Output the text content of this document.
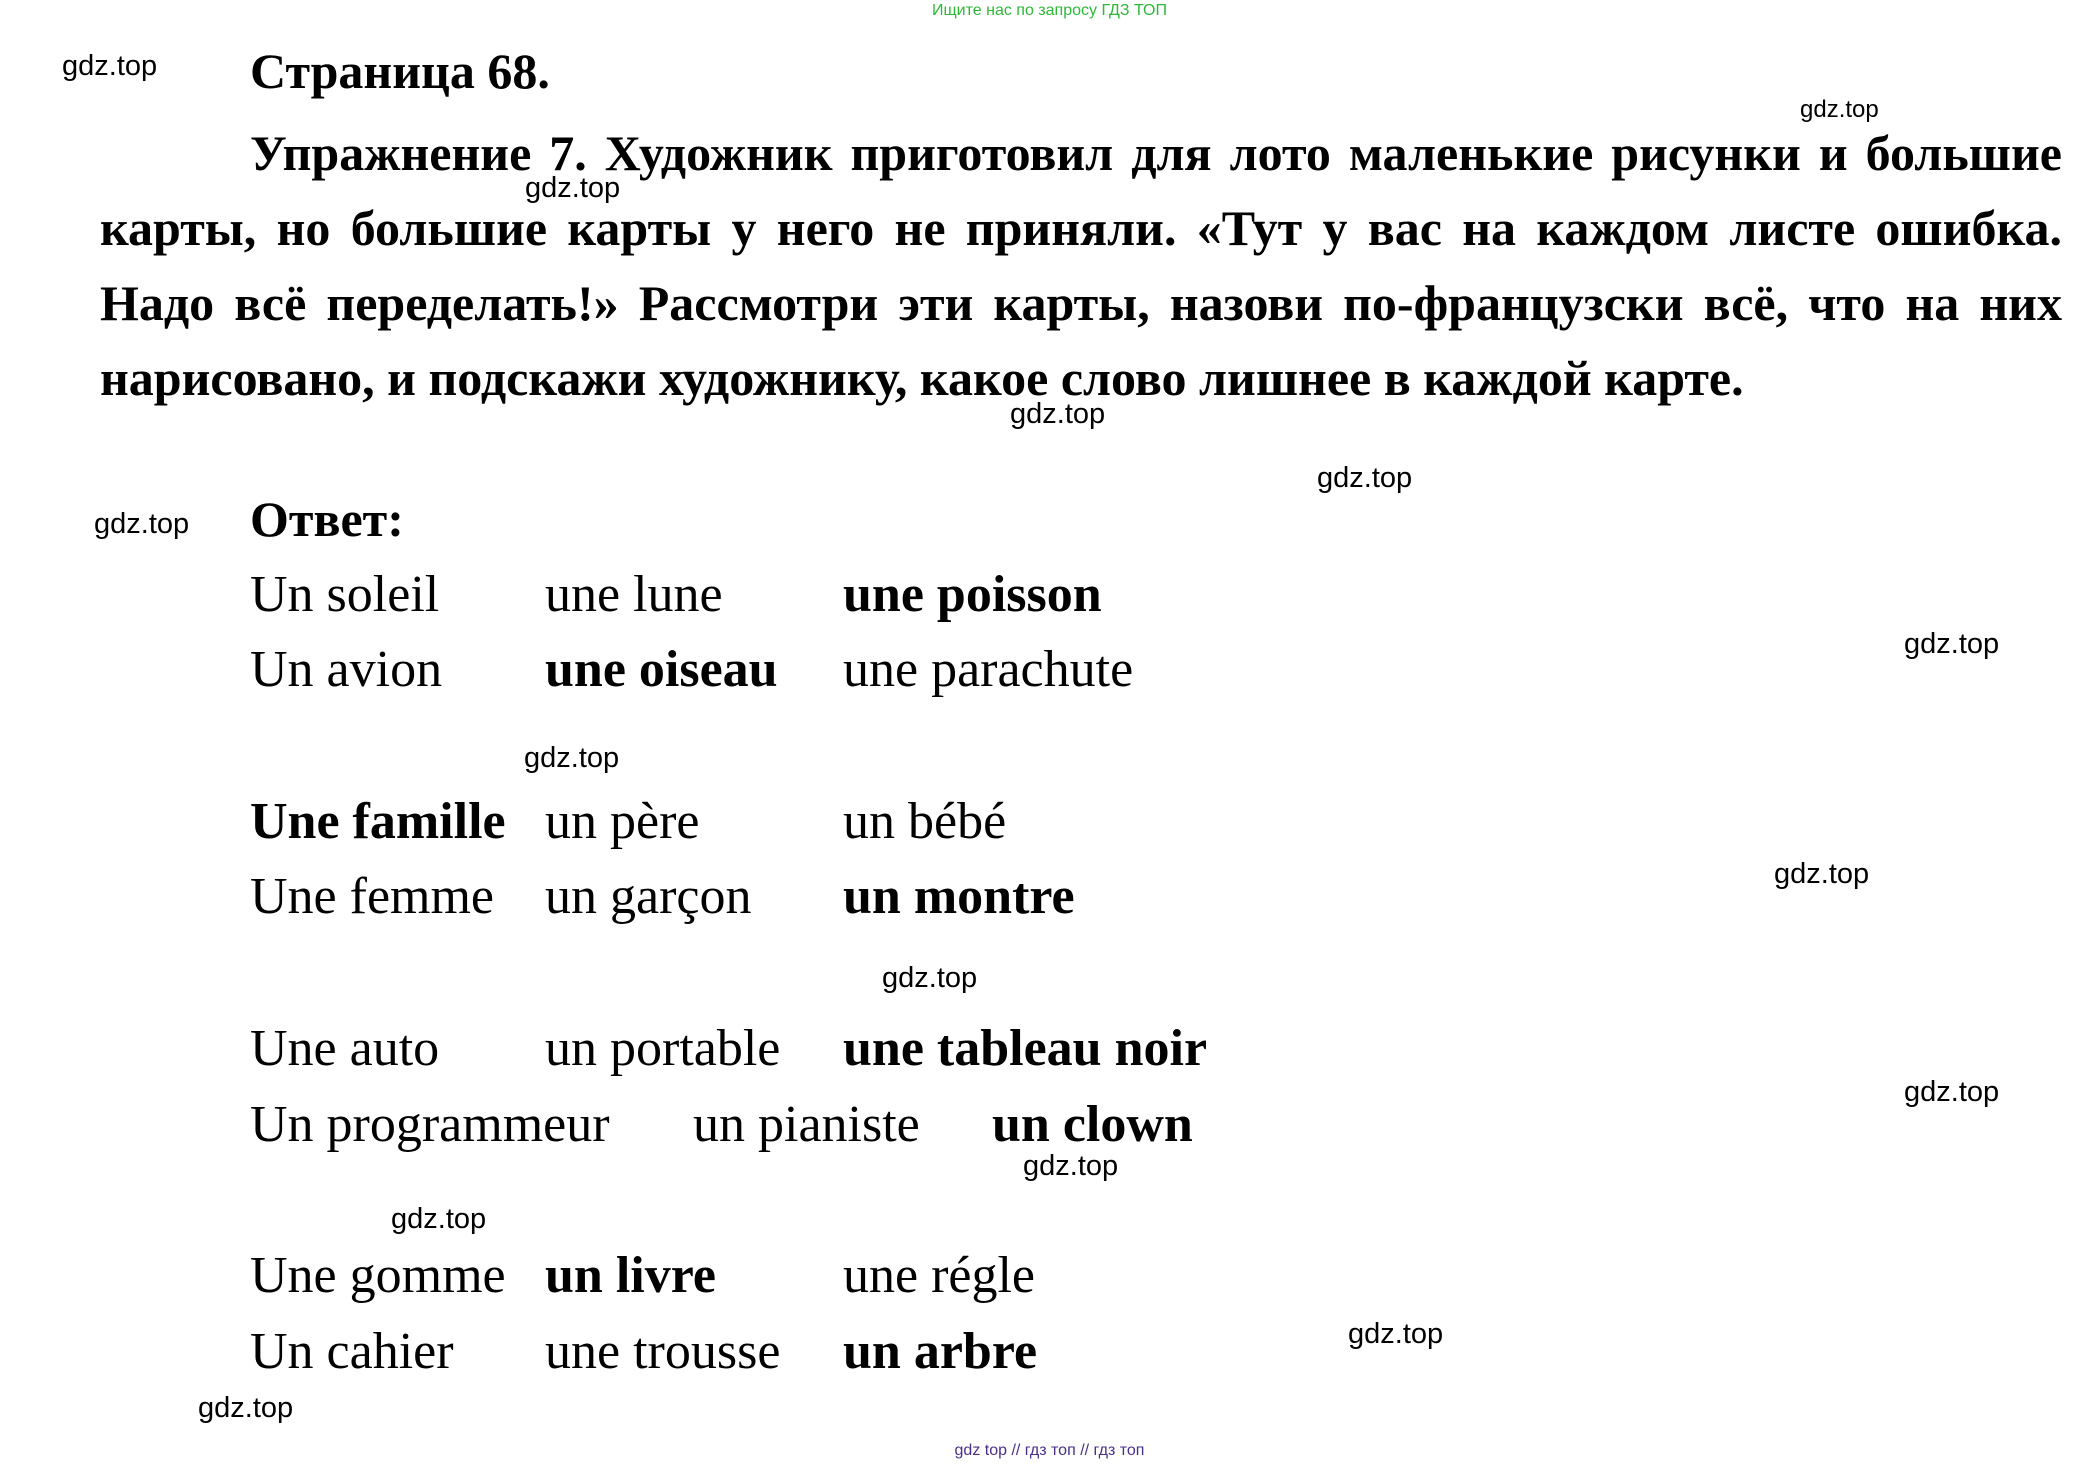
Ищите нас по запросу ГДЗ ТОП
Страница 68.
Упражнение 7. Художник приготовил для лото маленькие рисунки и большие карты, но большие карты у него не приняли. «Тут у вас на каждом листе ошибка. Надо всё переделать!» Рассмотри эти карты, назови по-французски всё, что на них нарисовано, и подскажи художнику, какое слово лишнее в каждой карте.
Ответ:
Un soleil une lune une poisson
Un avion une oiseau une parachute
Une famille un père	un bébé
Une femme un garçon un montre
Une auto un portable une tableau noir
Un programmeur un pianiste un clown
Une gomme un livre une régle
Un cahier une trousse un arbre
gdz.top
gdz.top
gdz.top
gdz.top
gdz.top
gdz.top
gdz.top
gdz.top
gdz.top
gdz.top
gdz.top
gdz.top
gdz.top
gdz.top
gdz.top
gdz top // гдз топ // гдз топ
